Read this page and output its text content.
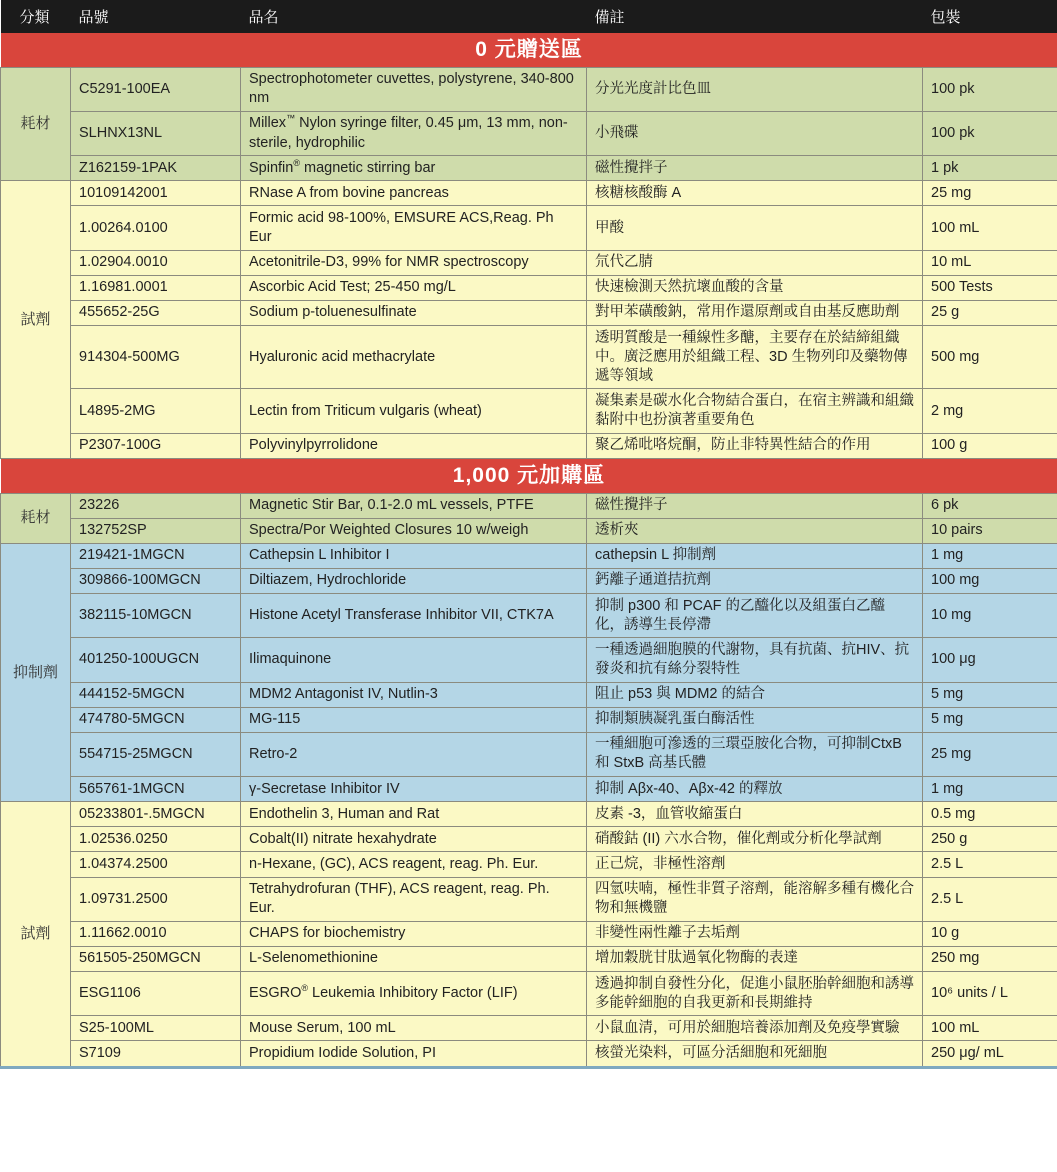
分類	品號	品名	備註	包裝
0 元贈送區				
耗材	C5291-100EA	Spectrophotometer cuvettes, polystyrene, 340-800 nm	分光光度計比色皿	100 pk
	SLHNX13NL	Millex™ Nylon syringe filter, 0.45 μm, 13 mm, non-sterile, hydrophilic	小飛碟	100 pk
	Z162159-1PAK	Spinfin® magnetic stirring bar	磁性攪拌子	1 pk
試劑	10109142001	RNase A from bovine pancreas	核糖核酸酶 A	25 mg
	1.00264.0100	Formic acid 98-100%, EMSURE ACS,Reag. Ph Eur	甲酸	100 mL
	1.02904.0010	Acetonitrile-D3, 99% for NMR spectroscopy	氘代乙腈	10 mL
	1.16981.0001	Ascorbic Acid Test; 25-450 mg/L	快速檢測天然抗壞血酸的含量	500 Tests
	455652-25G	Sodium p-toluenesulfinate	對甲苯磺酸鈉，常用作還原劑或自由基反應助劑	25 g
	914304-500MG	Hyaluronic acid methacrylate	透明質酸是一種線性多醣，主要存在於結締組織中。廣泛應用於組織工程、3D 生物列印及藥物傳遞等領域	500 mg
	L4895-2MG	Lectin from Triticum vulgaris (wheat)	凝集素是碳水化合物結合蛋白，在宿主辨識和組織黏附中也扮演著重要角色	2 mg
	P2307-100G	Polyvinylpyrrolidone	聚乙烯吡咯烷酮，防止非特異性結合的作用	100 g
1,000 元加購區				
耗材	23226	Magnetic Stir Bar, 0.1-2.0 mL vessels, PTFE	磁性攪拌子	6 pk
	132752SP	Spectra/Por Weighted Closures 10 w/weigh	透析夾	10 pairs
抑制劑	219421-1MGCN	Cathepsin L Inhibitor I	cathepsin L 抑制劑	1 mg
	309866-100MGCN	Diltiazem, Hydrochloride	鈣離子通道拮抗劑	100 mg
	382115-10MGCN	Histone Acetyl Transferase Inhibitor VII, CTK7A	抑制 p300 和 PCAF 的乙醯化以及組蛋白乙醯化，誘導生長停滯	10 mg
	401250-100UGCN	Ilimaquinone	一種透過細胞膜的代謝物，具有抗菌、抗HIV、抗發炎和抗有絲分裂特性	100 μg
	444152-5MGCN	MDM2 Antagonist IV, Nutlin-3	阻止 p53 與 MDM2 的結合	5 mg
	474780-5MGCN	MG-115	抑制類胰凝乳蛋白酶活性	5 mg
	554715-25MGCN	Retro-2	一種細胞可滲透的三環亞胺化合物，可抑制CtxB 和 StxB 高基氏體	25 mg
	565761-1MGCN	γ-Secretase Inhibitor IV	抑制 Aβx-40、Aβx-42 的釋放	1 mg
試劑	05233801-.5MGCN	Endothelin 3, Human and Rat	皮素 -3，血管收縮蛋白	0.5 mg
	1.02536.0250	Cobalt(II) nitrate hexahydrate	硝酸鈷 (II) 六水合物，催化劑或分析化學試劑	250 g
	1.04374.2500	n-Hexane, (GC), ACS reagent, reag. Ph. Eur.	正己烷，非極性溶劑	2.5 L
	1.09731.2500	Tetrahydrofuran (THF), ACS reagent, reag. Ph. Eur.	四氫呋喃，極性非質子溶劑，能溶解多種有機化合物和無機鹽	2.5 L
	1.11662.0010	CHAPS for biochemistry	非變性兩性離子去垢劑	10 g
	561505-250MGCN	L-Selenomethionine	增加穀胱甘肽過氧化物酶的表達	250 mg
	ESG1106	ESGRO® Leukemia Inhibitory Factor (LIF)	透過抑制自發性分化，促進小鼠胚胎幹細胞和誘導多能幹細胞的自我更新和長期維持	10⁶ units / L
	S25-100ML	Mouse Serum, 100 mL	小鼠血清，可用於細胞培養添加劑及免疫學實驗	100 mL
	S7109	Propidium Iodide Solution, PI	核螢光染料，可區分活細胞和死細胞	250 μg/ mL
